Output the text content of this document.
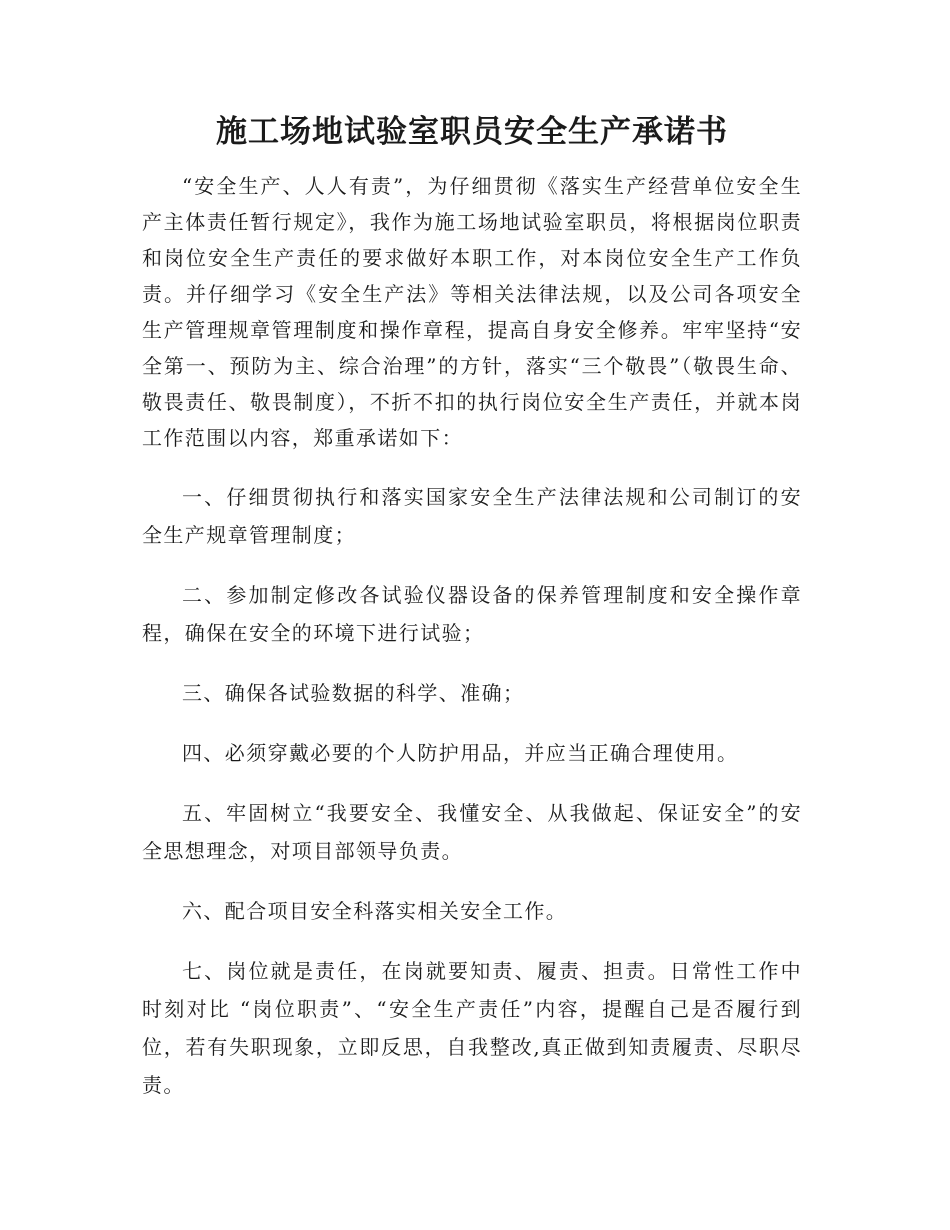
施工场地试验室职员安全生产承诺书

“安全生产、人人有责”，为仔细贯彻《落实生产经营单位安全生产主体责任暂行规定》，我作为施工场地试验室职员，将根据岗位职责和岗位安全生产责任的要求做好本职工作，对本岗位安全生产工作负责。并仔细学习《安全生产法》等相关法律法规，以及公司各项安全生产管理规章管理制度和操作章程，提高自身安全修养。牢牢坚持“安全第一、预防为主、综合治理”的方针，落实“三个敬畏”（敬畏生命、敬畏责任、敬畏制度），不折不扣的执行岗位安全生产责任，并就本岗工作范围以内容，郑重承诺如下：

一、仔细贯彻执行和落实国家安全生产法律法规和公司制订的安全生产规章管理制度；

二、参加制定修改各试验仪器设备的保养管理制度和安全操作章程，确保在安全的环境下进行试验；

三、确保各试验数据的科学、准确；

四、必须穿戴必要的个人防护用品，并应当正确合理使用。

五、牢固树立“我要安全、我懂安全、从我做起、保证安全”的安全思想理念，对项目部领导负责。

六、配合项目安全科落实相关安全工作。

七、岗位就是责任，在岗就要知责、履责、担责。日常性工作中时刻对比 “岗位职责”、“安全生产责任”内容，提醒自己是否履行到位，若有失职现象，立即反思，自我整改,真正做到知责履责、尽职尽责。
